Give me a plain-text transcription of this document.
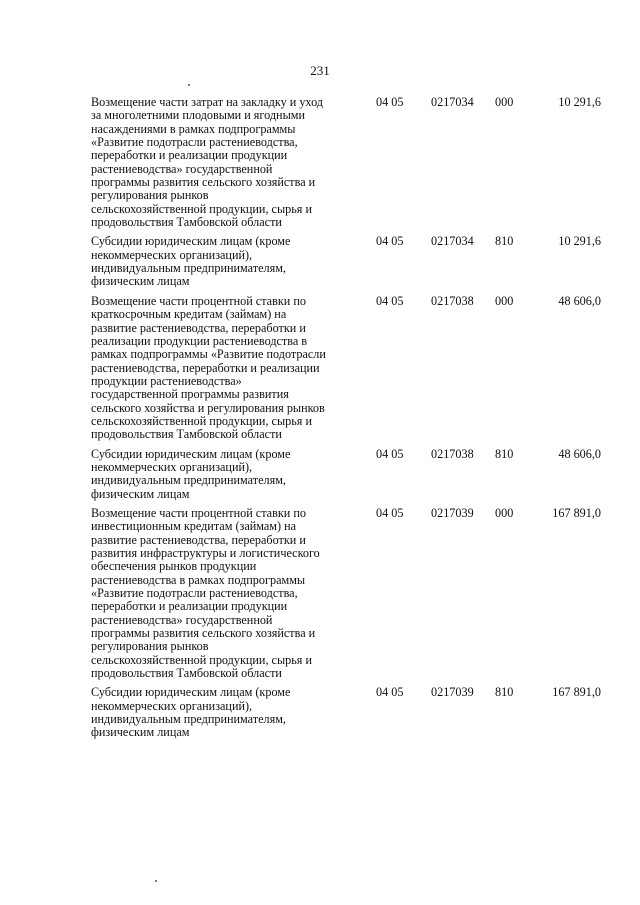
231
Возмещение части затрат на закладку и уход
за многолетними плодовыми и ягодными
насаждениями в рамках подпрограммы
«Развитие подотрасли растениеводства,
переработки и реализации продукции
растениеводства» государственной
программы развития сельского хозяйства и
регулирования рынков
сельскохозяйственной продукции, сырья и
продовольствия Тамбовской области
04 05 0217034 000	10 291,6
Субсидии юридическим лицам (кроме
некоммерческих организаций),
индивидуальным предпринимателям,
физическим лицам
04 05 0217034 810	10 291,6
Возмещение части процентной ставки по
краткосрочным кредитам (займам) на
развитие растениеводства, переработки и
реализации продукции растениеводства в
рамках подпрограммы «Развитие подотрасли
растениеводства, переработки и реализации
продукции растениеводства»
государственной программы развития
сельского хозяйства и регулирования рынков
сельскохозяйственной продукции, сырья и
продовольствия Тамбовской области
04 05 0217038 000	48 606,0
Субсидии юридическим лицам (кроме
некоммерческих организаций),
индивидуальным предпринимателям,
физическим лицам
04 05 0217038 810	48 606,0
Возмещение части процентной ставки по
инвестиционным кредитам (займам) на
развитие растениеводства, переработки и
развития инфраструктуры и логистического
обеспечения рынков продукции
растениеводства в рамках подпрограммы
«Развитие подотрасли растениеводства,
переработки и реализации продукции
растениеводства» государственной
программы развития сельского хозяйства и
регулирования рынков
сельскохозяйственной продукции, сырья и
продовольствия Тамбовской области
04 05 0217039 000	167 891,0
Субсидии юридическим лицам (кроме
некоммерческих организаций),
индивидуальным предпринимателям,
физическим лицам
04 05 0217039 810	167 891,0
